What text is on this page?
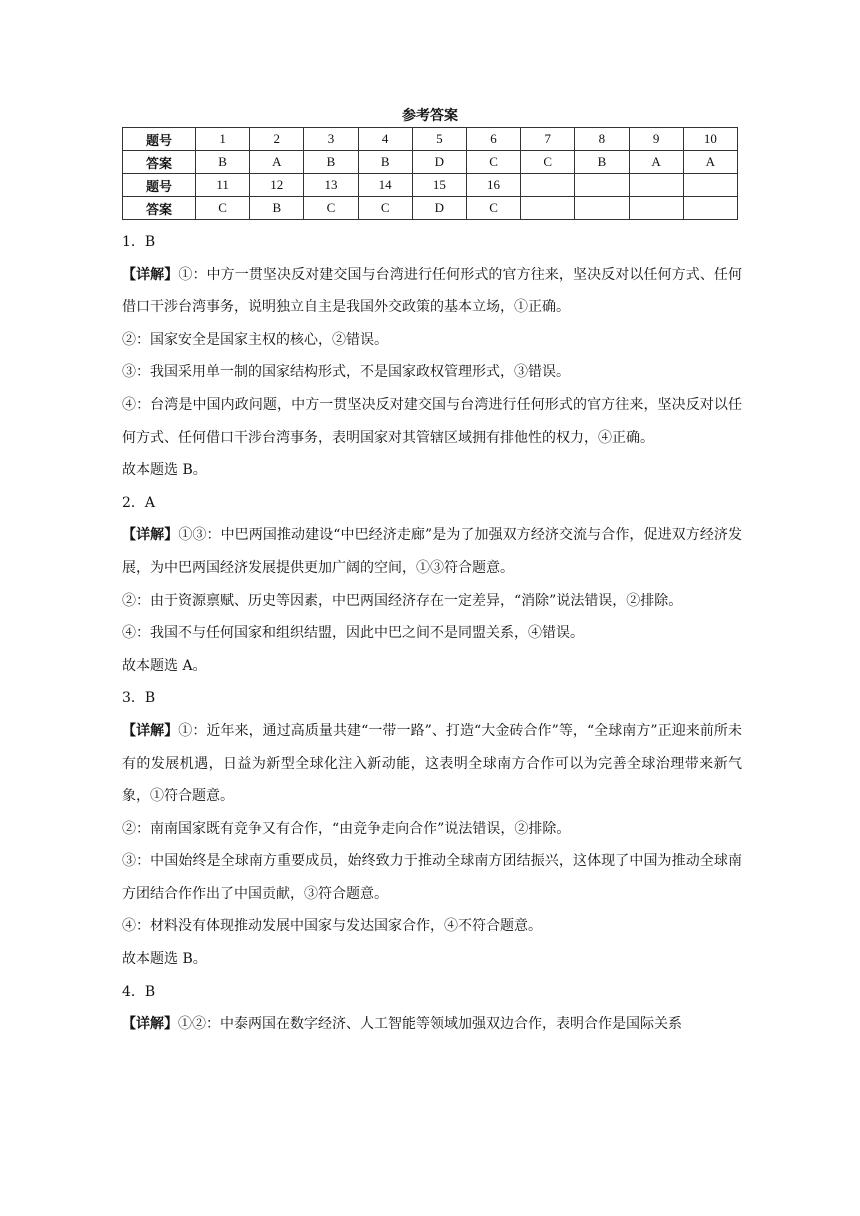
参考答案
题号	1	2	3	4	5	6	7	8	9	10
答案	B	A	B	B	D	C	C	B	A	A
题号	11	12	13	14	15	16				
答案	C	B	C	C	D	C				

1．B

【详解】①：中方一贯坚决反对建交国与台湾进行任何形式的官方往来，坚决反对以任何方式、任何借口干涉台湾事务，说明独立自主是我国外交政策的基本立场，①正确。

②：国家安全是国家主权的核心，②错误。

③：我国采用单一制的国家结构形式，不是国家政权管理形式，③错误。

④：台湾是中国内政问题，中方一贯坚决反对建交国与台湾进行任何形式的官方往来，坚决反对以任何方式、任何借口干涉台湾事务，表明国家对其管辖区域拥有排他性的权力，④正确。

故本题选 B。

2．A

【详解】①③：中巴两国推动建设“中巴经济走廊”是为了加强双方经济交流与合作，促进双方经济发展，为中巴两国经济发展提供更加广阔的空间，①③符合题意。

②：由于资源禀赋、历史等因素，中巴两国经济存在一定差异，“消除”说法错误，②排除。

④：我国不与任何国家和组织结盟，因此中巴之间不是同盟关系，④错误。

故本题选 A。

3．B

【详解】①：近年来，通过高质量共建“一带一路”、打造“大金砖合作”等，“全球南方”正迎来前所未有的发展机遇，日益为新型全球化注入新动能，这表明全球南方合作可以为完善全球治理带来新气象，①符合题意。

②：南南国家既有竞争又有合作，“由竞争走向合作”说法错误，②排除。

③：中国始终是全球南方重要成员，始终致力于推动全球南方团结振兴，这体现了中国为推动全球南方团结合作作出了中国贡献，③符合题意。

④：材料没有体现推动发展中国家与发达国家合作，④不符合题意。

故本题选 B。

4．B

【详解】①②：中泰两国在数字经济、人工智能等领域加强双边合作，表明合作是国际关系
